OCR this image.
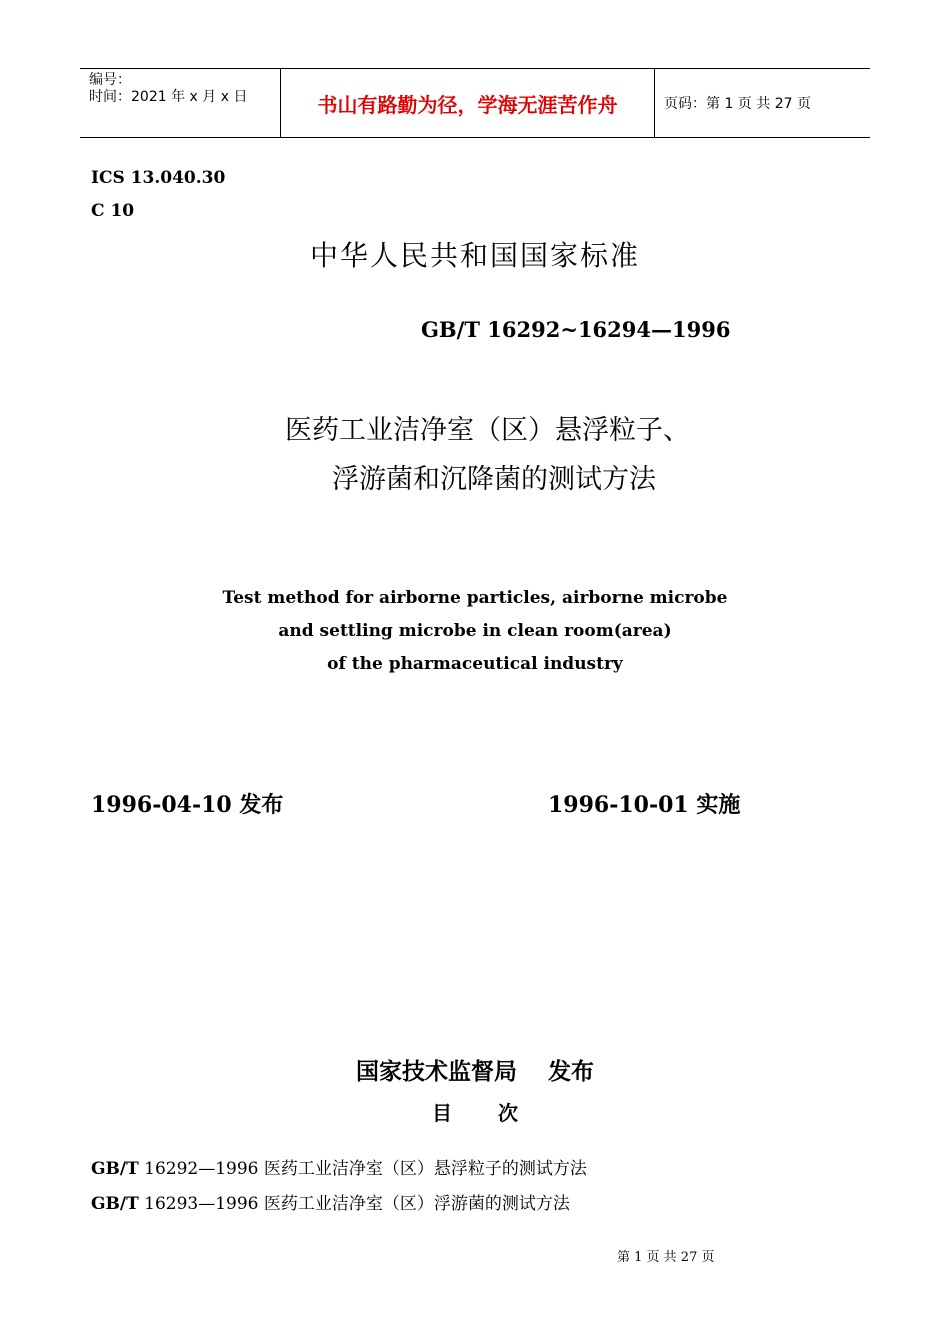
编号：
时间：2021 年 x 月 x 日	书山有路勤为径，学海无涯苦作舟	页码：第 1 页 共 27 页
ICS 13.040.30
C 10
中华人民共和国国家标准
GB/T 16292~16294—1996
医药工业洁净室（区）悬浮粒子、
浮游菌和沉降菌的测试方法
Test method for airborne particles, airborne microbe
and settling microbe in clean room(area)
of the pharmaceutical industry
1996-04-10 发布	1996-10-01 实施
国家技术监督局　 发布
目 次
GB/T 16292—1996 医药工业洁净室（区）悬浮粒子的测试方法
GB/T 16293—1996 医药工业洁净室（区）浮游菌的测试方法
第 1 页 共 27 页
